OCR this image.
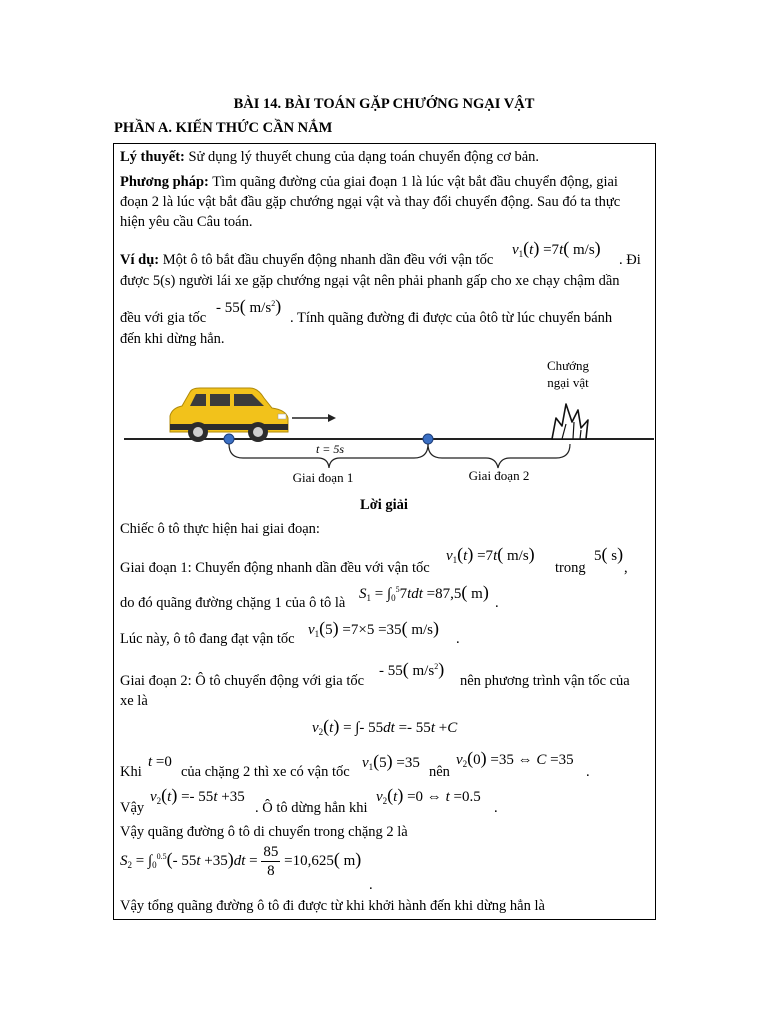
BÀI 14. BÀI TOÁN GẶP CHƯỚNG NGẠI VẬT
PHẦN A. KIẾN THỨC CẦN NẮM
Lý thuyết: Sử dụng lý thuyết chung của dạng toán chuyển động cơ bản.
Phương pháp: Tìm quãng đường của giai đoạn 1 là lúc vật bắt đầu chuyển động, giai
đoạn 2 là lúc vật bắt đầu gặp chướng ngại vật và thay đổi chuyển động. Sau đó ta thực
hiện yêu cầu Câu toán.
Ví dụ: Một ô tô bắt đầu chuyển động nhanh dần đều với vận tốc
$v_1(t) =7t$( m/s)
. Đi
được 5(s) người lái xe gặp chướng ngại vật nên phải phanh gấp cho xe chạy chậm dần
đều với gia tốc
- 55( $m/s^2$)
. Tính quãng đường đi được của ôtô từ lúc chuyển bánh
đến khi dừng hẳn.
Chướng
ngại vật
t = 5s
Giai đoạn 1	Giai đoạn 2
Lời giải
Chiếc ô tô thực hiện hai giai đoạn:
Giai đoạn 1: Chuyển động nhanh dần đều với vận tốc
$v_1(t) =7t$( m/s)
trong
5( s)
,
do đó quãng đường chặng 1 của ô tô là
$S_1 = \int_0^57tdt =87,5$( m)
.
Lúc này, ô tô đang đạt vận tốc
$v_1(5) =7\times 5 =35$( m/s)
.
Giai đoạn 2: Ô tô chuyển động với gia tốc
- 55( $m/s^2$)
nên phương trình vận tốc của
xe là
$v_2(t)$ = ∫- 55dt =- 55t +C
Khi
t =0
của chặng 2 thì xe có vận tốc
$v_1(5) =35$
nên
$v_2(0) =35$ ⇔ C =35
.
Vậy
$v_2(t) =- 55t +35$
. Ô tô dừng hẳn khi
$v_2(t) =0$ ⇔ t =0.5
.
Vậy quãng đường ô tô di chuyển trong chặng 2 là
$S_2 = \int_0^{0.5}(-$ $55t +35)dt = \frac{85}{8} =10,625$( m)
.
Vậy tổng quãng đường ô tô đi được từ khi khởi hành đến khi dừng hẳn là
